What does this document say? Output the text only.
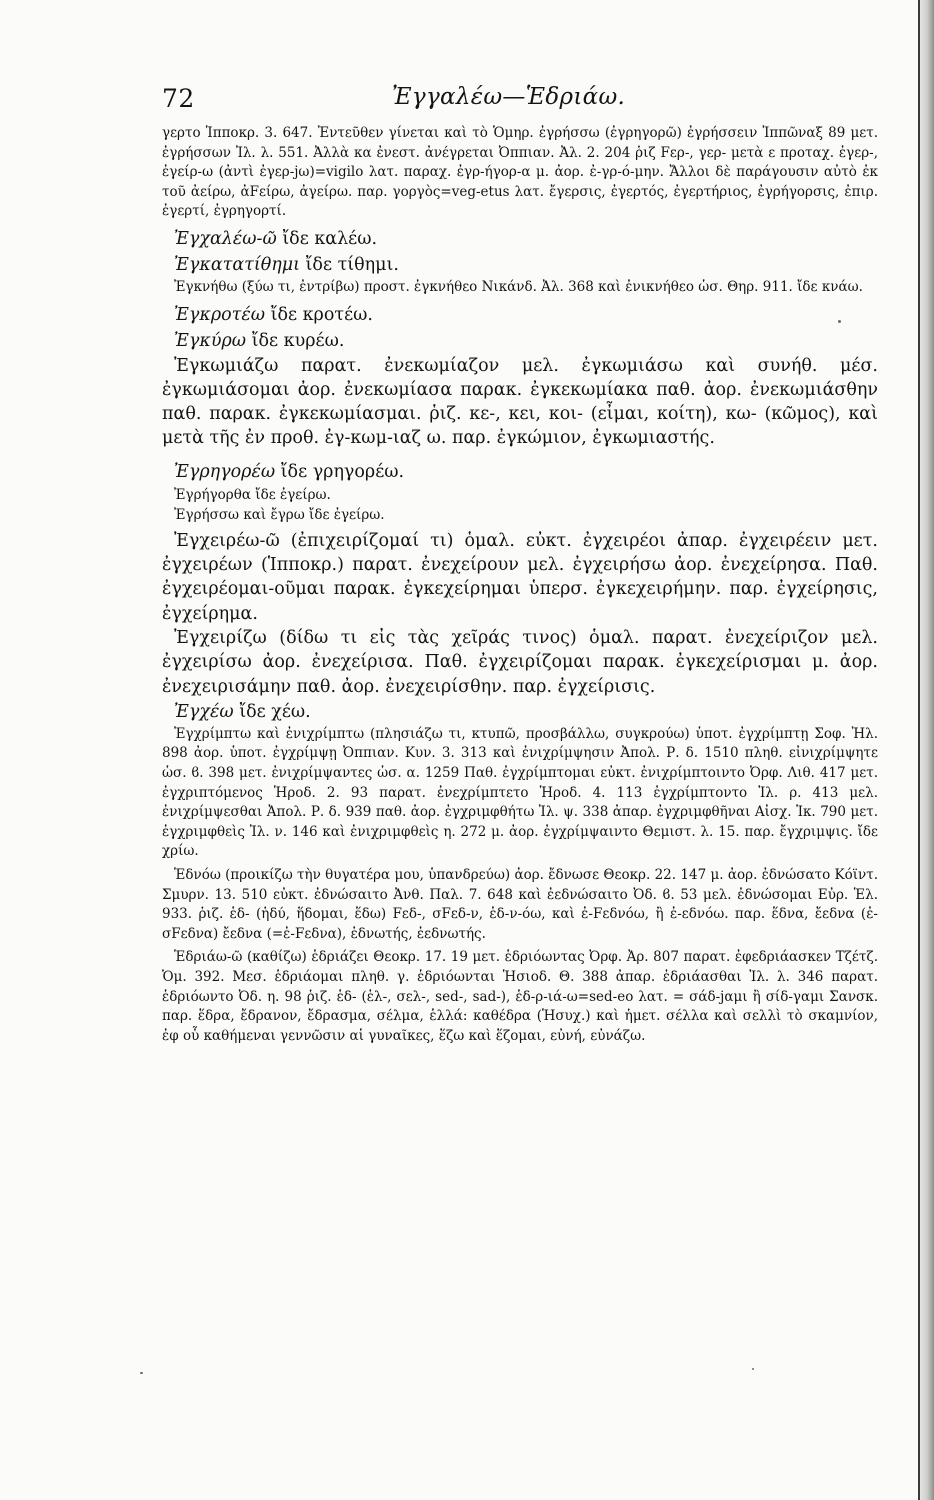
72	Ἐγγαλέω—Ἑδριάω.

γερτο Ἱπποκρ. 3. 647. Ἐντεῦθεν γίνεται καὶ τὸ Ὁμηρ. ἐγρήσσω (ἐγρηγορῶ) ἐγρήσσειν Ἱππῶναξ 89 μετ. ἐγρήσσων Ἰλ. λ. 551. Ἀλλὰ κα ἐνεστ. ἀνέγρεται Ὀππιαν. Ἀλ. 2. 204 ῥιζ Fερ-, γερ- μετὰ ε προταχ. ἐγερ-, ἐγείρ-ω (ἀντὶ ἐγερ-jω)=vigilo λατ. παραχ. ἐγρ-ήγορ-α μ. ἀορ. ἐ-γρ-ό-μην. Ἄλλοι δὲ παράγουσιν αὐτὸ ἐκ τοῦ ἀείρω, ἀFείρω, ἀγείρω. παρ. γοργὸς=veg-etus λατ. ἔγερσις, ἐγερτός, ἐγερτήριος, ἐγρήγορσις, ἐπιρ. ἐγερτί, ἐγρηγορτί.

Ἐγχαλέω-ῶ ἴδε καλέω.

Ἐγκατατίθημι ἴδε τίθημι.

Ἐγκνήθω (ξύω τι, ἐντρίβω) προστ. ἐγκνήθεο Νικάνδ. Ἀλ. 368 καὶ ἐνικνήθεο ὡσ. Θηρ. 911. ἴδε κνάω.

Ἐγκροτέω ἴδε κροτέω.

Ἐγκύρω ἴδε κυρέω.

Ἐγκωμιάζω παρατ. ἐνεκωμίαζον μελ. ἐγκωμιάσω καὶ συνήθ. μέσ. ἐγκωμιάσομαι ἀορ. ἐνεκωμίασα παρακ. ἐγκεκωμίακα παθ. ἀορ. ἐνεκωμιάσθην παθ. παρακ. ἐγκεκωμίασμαι. ῥιζ. κε-, κει, κοι- (εἶμαι, κοίτη), κω- (κῶμος), καὶ μετὰ τῆς ἐν προθ. ἐγ-κωμ-ιαζ ω. παρ. ἐγκώμιον, ἐγκωμιαστής.

Ἐγρηγορέω ἴδε γρηγορέω.

Ἐγρήγορθα ἴδε ἐγείρω.

Ἐγρήσσω καὶ ἔγρω ἴδε ἐγείρω.

Ἐγχειρέω-ῶ (ἐπιχειρίζομαί τι) ὁμαλ. εὐκτ. ἐγχειρέοι ἀπαρ. ἐγχειρέειν μετ. ἐγχειρέων (Ἱπποκρ.) παρατ. ἐνεχείρουν μελ. ἐγχειρήσω ἀορ. ἐνεχείρησα. Παθ. ἐγχειρέομαι-οῦμαι παρακ. ἐγκεχείρημαι ὑπερσ. ἐγκεχειρήμην. παρ. ἐγχείρησις, ἐγχείρημα.

Ἐγχειρίζω (δίδω τι εἰς τὰς χεῖράς τινος) ὁμαλ. παρατ. ἐνεχείριζον μελ. ἐγχειρίσω ἀορ. ἐνεχείρισα. Παθ. ἐγχειρίζομαι παρακ. ἐγκεχείρισμαι μ. ἀορ. ἐνεχειρισάμην παθ. ἀορ. ἐνεχειρίσθην. παρ. ἐγχείρισις.

Ἐγχέω ἴδε χέω.

Ἐγχρίμπτω καὶ ἐνιχρίμπτω (πλησιάζω τι, κτυπῶ, προσβάλλω, συγκρούω) ὑποτ. ἐγχρίμπτῃ Σοφ. Ἠλ. 898 ἀορ. ὑποτ. ἐγχρίμψῃ Ὀππιαν. Κυν. 3. 313 καὶ ἐνιχρίμψησιν Ἀπολ. Ρ. δ. 1510 πληθ. εἰνιχρίμψητε ὡσ. ϐ. 398 μετ. ἐνιχρίμψαντες ὡσ. α. 1259 Παθ. ἐγχρίμπτομαι εὐκτ. ἐνιχρίμπτοιντο Ὀρφ. Λιθ. 417 μετ. ἐγχριπτόμενος Ἡροδ. 2. 93 παρατ. ἐνεχρίμπτετο Ἡροδ. 4. 113 ἐγχρίμπτοντο Ἰλ. ρ. 413 μελ. ἐνιχρίμψεσθαι Ἀπολ. Ρ. δ. 939 παθ. ἀορ. ἐγχριμφθήτω Ἰλ. ψ. 338 ἀπαρ. ἐγχριμφθῆναι Αἰσχ. Ἱκ. 790 μετ. ἐγχριμφθεὶς Ἰλ. ν. 146 καὶ ἐνιχριμφθεὶς η. 272 μ. ἀορ. ἐγχρίμψαιντο Θεμιστ. λ. 15. παρ. ἔγχριμψις. ἴδε χρίω.

Ἑδνόω (προικίζω τὴν θυγατέρα μου, ὑπανδρεύω) ἀορ. ἔδνωσε Θεοκρ. 22. 147 μ. ἀορ. ἐδνώσατο Κόϊντ. Σμυρν. 13. 510 εὐκτ. ἐδνώσαιτο Ἀνθ. Παλ. 7. 648 καὶ ἐεδνώσαιτο Ὀδ. ϐ. 53 μελ. ἐδνώσομαι Εὐρ. Ἑλ. 933. ῥιζ. ἑδ- (ἡδύ, ἥδομαι, ἕδω) Fεδ-, σFεδ-ν, ἑδ-ν-όω, καὶ ἐ-Fεδνόω, ἢ ἐ-εδνόω. παρ. ἕδνα, ἔεδνα (ἐ-σFεδνα) ἔεδνα (=ἐ-Fεδνα), ἑδνωτής, ἐεδνωτής.

Ἑδριάω-ῶ (καθίζω) ἑδριάζει Θεοκρ. 17. 19 μετ. ἑδριόωντας Ὀρφ. Ἀρ. 807 παρατ. ἐφεδριάασκεν Τζέτζ. Ὁμ. 392. Μεσ. ἑδριάομαι πληθ. γ. ἑδριόωνται Ἡσιοδ. Θ. 388 ἀπαρ. ἑδριάασθαι Ἰλ. λ. 346 παρατ. ἑδριόωντο Ὀδ. η. 98 ῥιζ. ἑδ- (ἑλ-, σελ-, sed-, sad-), ἑδ-ρ-ιά-ω=sed-eo λατ. = σάδ-jαμι ἢ σίδ-γαμι Σανσκ. παρ. ἕδρα, ἔδρανον, ἔδρασμα, σέλμα, ἑλλά: καθέδρα (Ἡσυχ.) καὶ ἡμετ. σέλλα καὶ σελλὶ τὸ σκαμνίον, ἐφ οὗ καθήμεναι γεννῶσιν αἱ γυναῖκες, ἕζω καὶ ἕζομαι, εὐνή, εὐνάζω.
